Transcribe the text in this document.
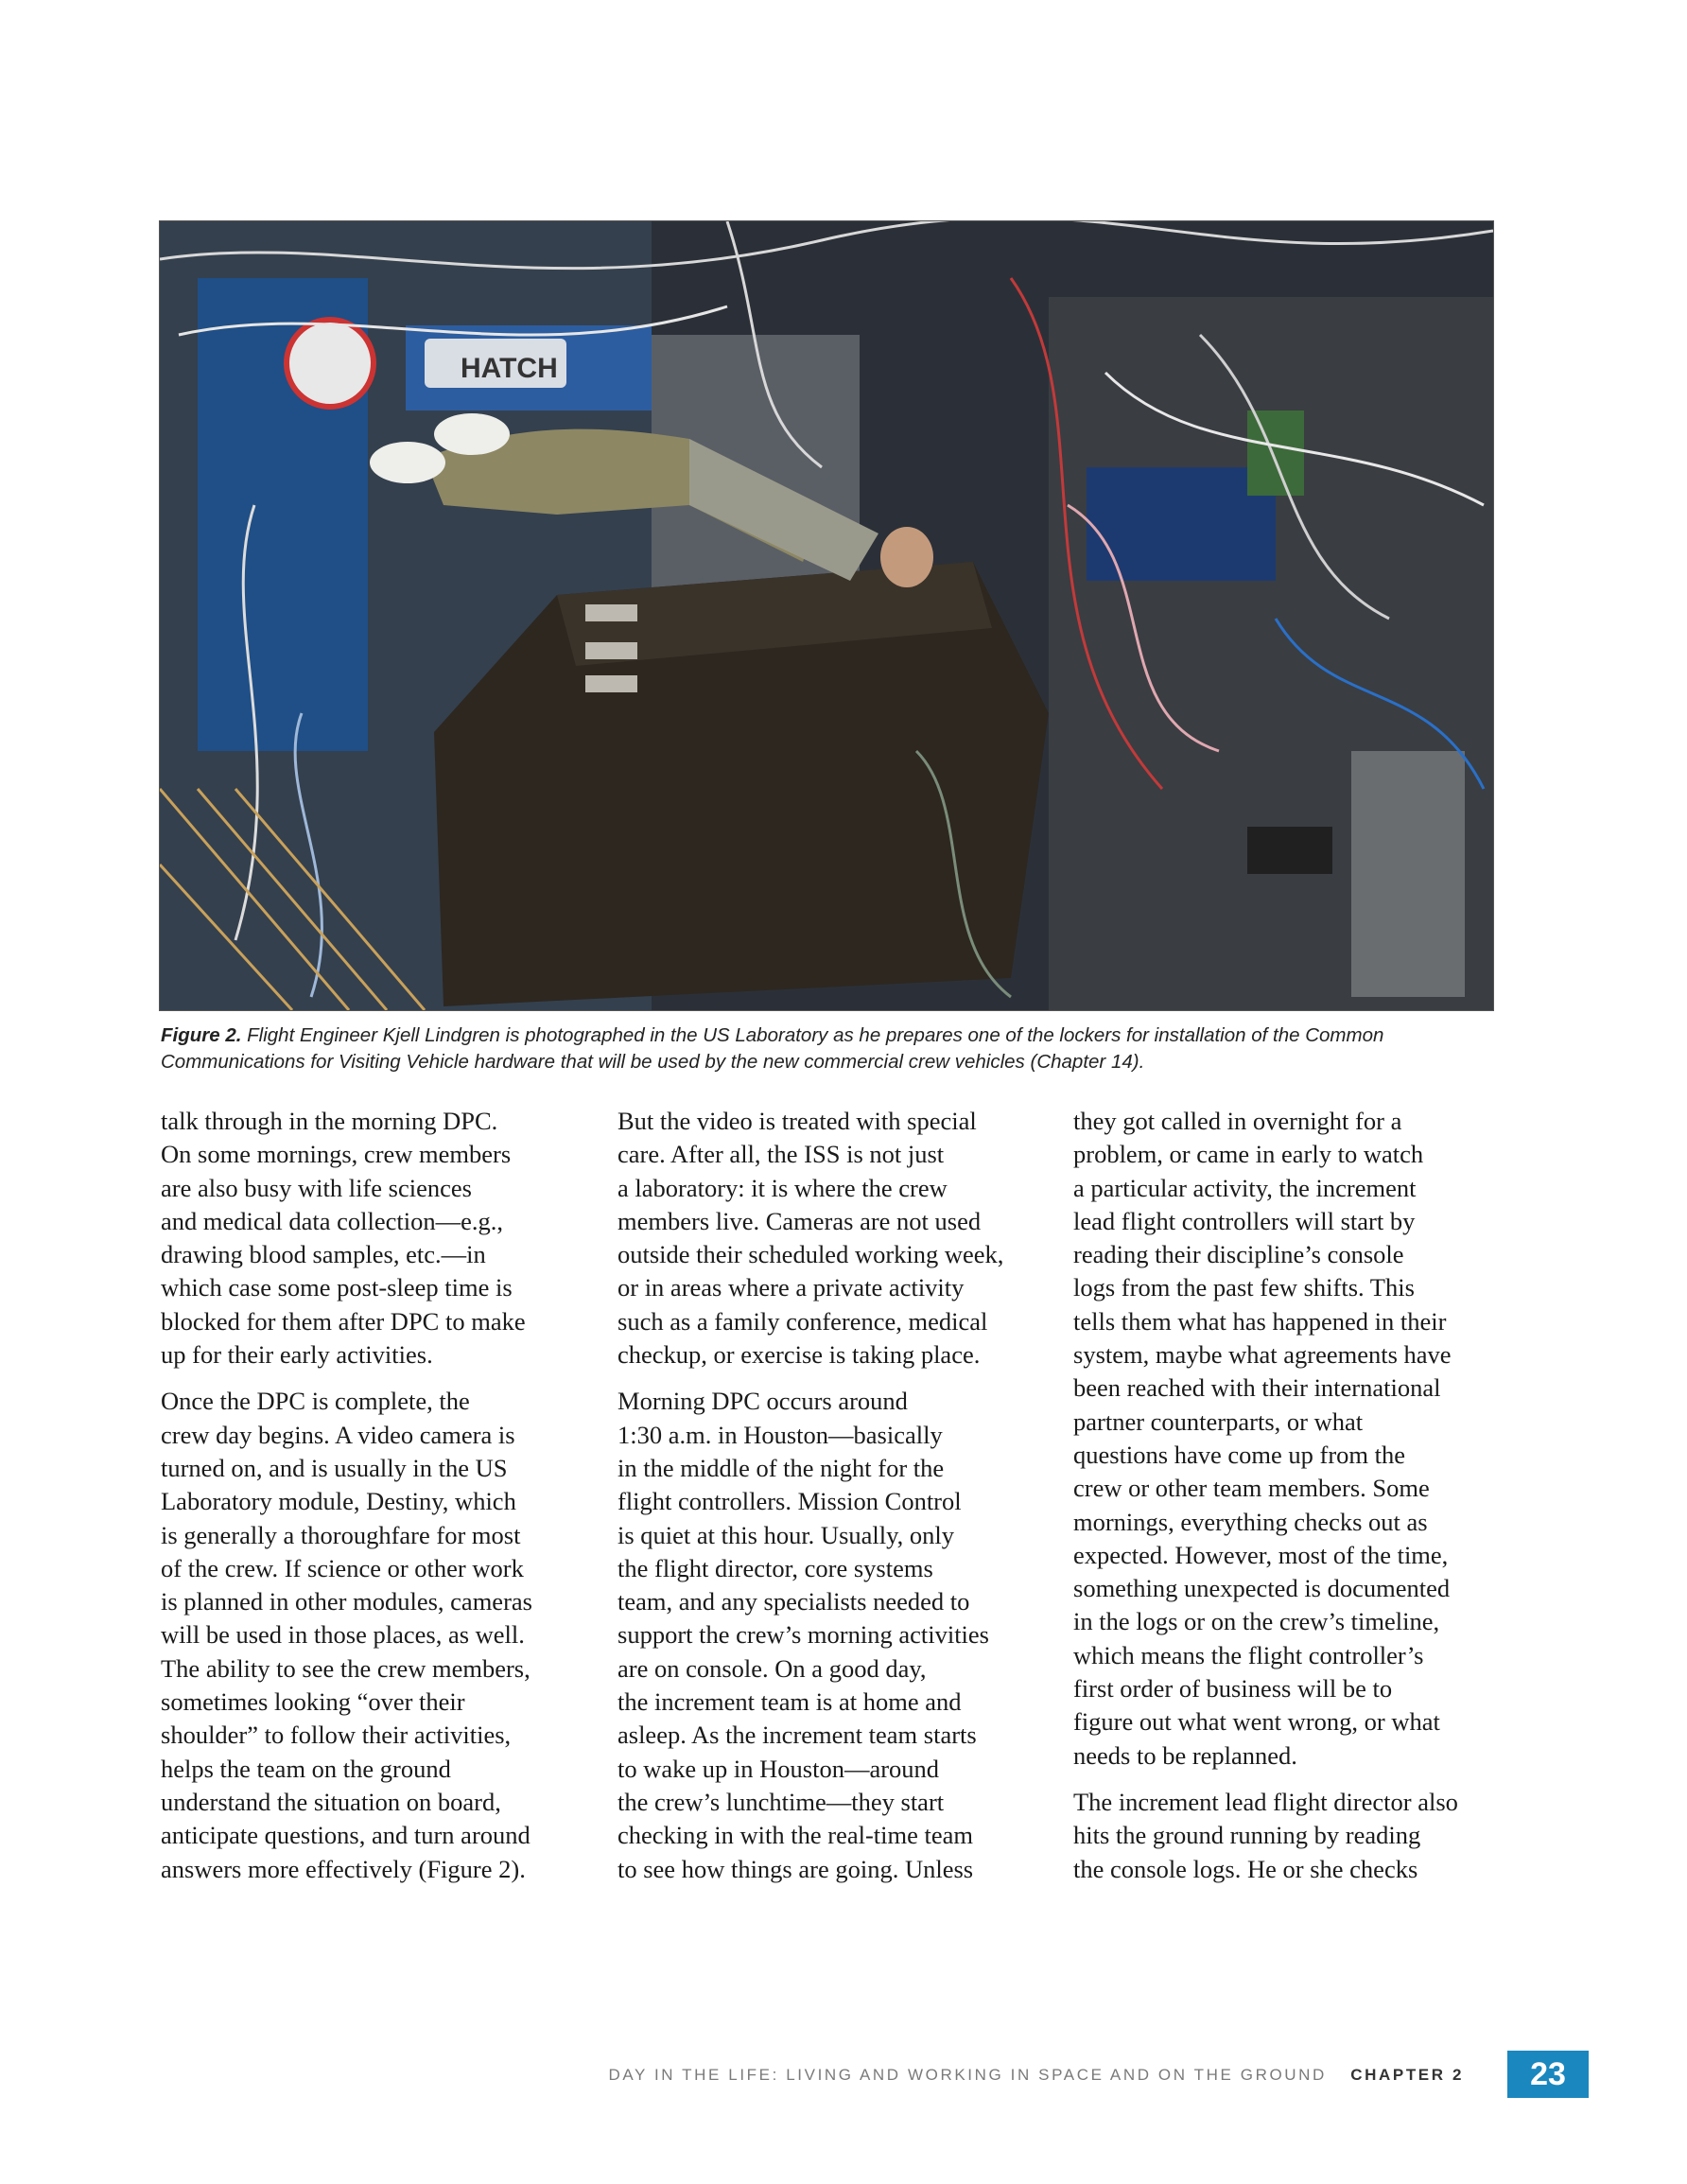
HATCH
Figure 2. Flight Engineer Kjell Lindgren is photographed in the US Laboratory as he prepares one of the lockers for installation of the Common Communications for Visiting Vehicle hardware that will be used by the new commercial crew vehicles (Chapter 14).

talk through in the morning DPC.
On some mornings, crew members
are also busy with life sciences
and medical data collection—e.g.,
drawing blood samples, etc.—in
which case some post-sleep time is
blocked for them after DPC to make
up for their early activities.

Once the DPC is complete, the
crew day begins. A video camera is
turned on, and is usually in the US
Laboratory module, Destiny, which
is generally a thoroughfare for most
of the crew. If science or other work
is planned in other modules, cameras
will be used in those places, as well.
The ability to see the crew members,
sometimes looking “over their
shoulder” to follow their activities,
helps the team on the ground
understand the situation on board,
anticipate questions, and turn around
answers more effectively (Figure 2).

But the video is treated with special
care. After all, the ISS is not just
a laboratory: it is where the crew
members live. Cameras are not used
outside their scheduled working week,
or in areas where a private activity
such as a family conference, medical
checkup, or exercise is taking place.

Morning DPC occurs around
1:30 a.m. in Houston—basically
in the middle of the night for the
flight controllers. Mission Control
is quiet at this hour. Usually, only
the flight director, core systems
team, and any specialists needed to
support the crew’s morning activities
are on console. On a good day,
the increment team is at home and
asleep. As the increment team starts
to wake up in Houston—around
the crew’s lunchtime—they start
checking in with the real-time team
to see how things are going. Unless

they got called in overnight for a
problem, or came in early to watch
a particular activity, the increment
lead flight controllers will start by
reading their discipline’s console
logs from the past few shifts. This
tells them what has happened in their
system, maybe what agreements have
been reached with their international
partner counterparts, or what
questions have come up from the
crew or other team members. Some
mornings, everything checks out as
expected. However, most of the time,
something unexpected is documented
in the logs or on the crew’s timeline,
which means the flight controller’s
first order of business will be to
figure out what went wrong, or what
needs to be replanned.

The increment lead flight director also
hits the ground running by reading
the console logs. He or she checks

DAY IN THE LIFE: LIVING AND WORKING IN SPACE AND ON THE GROUND CHAPTER 2	23
